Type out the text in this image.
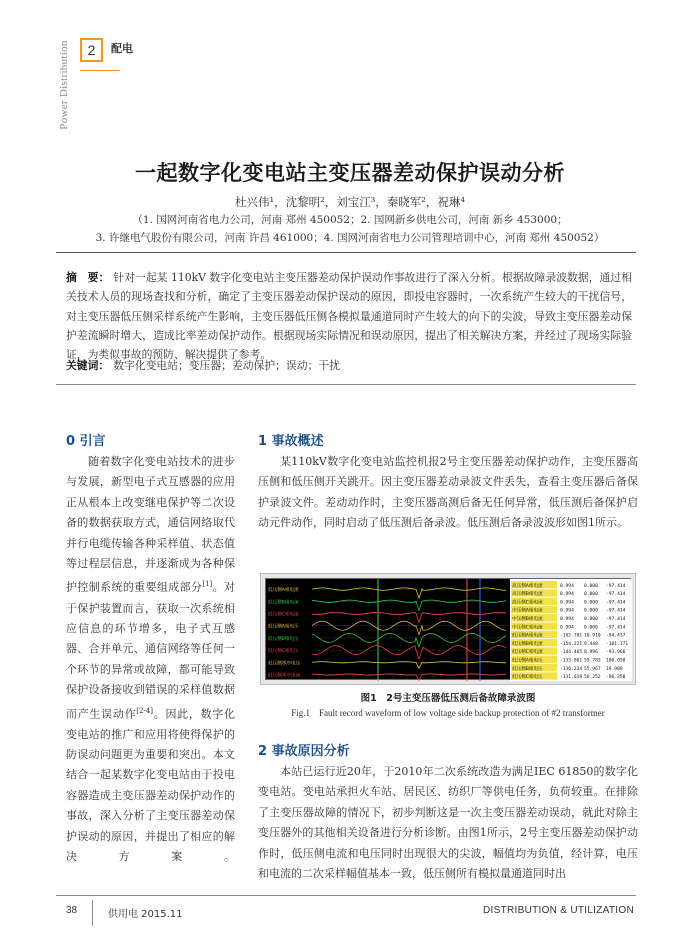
Power Distribution	2	配电
一起数字化变电站主变压器差动保护误动分析
杜兴伟¹，沈黎明²，刘宝江³，秦晓军²，祝琳⁴
（1. 国网河南省电力公司，河南 郑州 450052；2. 国网新乡供电公司，河南 新乡 453000；
3. 许继电气股份有限公司，河南 许昌 461000；4. 国网河南省电力公司管理培训中心，河南 郑州 450052）
摘　要： 针对一起某 110kV 数字化变电站主变压器差动保护误动作事故进行了深入分析。根据故障录波数据，通过相关技术人员的现场查找和分析，确定了主变压器差动保护误动的原因，即投电容器时，一次系统产生较大的干扰信号，对主变压器低压侧采样系统产生影响，主变压器低压侧各模拟量通道同时产生较大的向下的尖波，导致主变压器差动保护差流瞬时增大，造成比率差动保护动作。根据现场实际情况和误动原因，提出了相关解决方案，并经过了现场实际验证，为类似事故的预防、解决提供了参考。
关键词： 数字化变电站；变压器；差动保护；误动；干扰
0 引言

随着数字化变电站技术的进步与发展，新型电子式互感器的应用正从根本上改变继电保护等二次设备的数据获取方式，通信网络取代并行电缆传输各种采样值、状态值等过程层信息，并逐渐成为各种保护控制系统的重要组成部分[1]。对于保护装置而言，获取一次系统相应信息的环节增多，电子式互感器、合并单元、通信网络等任何一个环节的异常或故障，都可能导致保护设备接收到错误的采样值数据而产生误动作[2-4]。因此，数字化变电站的推广和应用将使得保护的防误动问题更为重要和突出。本文结合一起某数字化变电站由于投电容器造成主变压器差动保护动作的事故，深入分析了主变压器差动保护误动的原因，并提出了相应的解决方案。

1 事故概述

某110kV数字化变电站监控机报2号主变压器差动保护动作，主变压器高压侧和低压侧开关跳开。因主变压器差动录波文件丢失，查看主变压器后备保护录波文件。差动动作时，主变压器高测后备无任何异常，低压测后备保护启动元件动作，同时启动了低压测后备录波。低压测后备录波波形如图1所示。

低压侧A相电流
低压侧B相电流
低压侧C相电流
低压侧A相电压
低压侧B相电压
低压侧C相电压
低压侧零序电压
低压侧零序电流
高压侧A相电流	0.994 0.000 -97.414
高压侧B相电流	0.994 0.000 -97.414
高压侧C相电流	0.994 0.000 -97.414
中压侧A相电流	0.994 0.000 -97.414
中压侧B相电流	0.994 0.000 -97.414
中压侧C相电流	0.994 0.000 -97.414
低压侧A相电流	-162.701 10.910 -94.437
低压侧B相电流	-154.221 9.448 -101.171
低压侧C相电流	-144.465 8.996 -93.966
低压侧A相电压	-133.861 55.783 100.058
低压侧B相电压	-136.234 55.967 19.989
低压侧C相电压	-131.619 56.252 -96.358
图1　2号主变压器低压测后备故障录波图
Fig.1　Fault record waveform of low voltage side backup protection of #2 transformer
2 事故原因分析

本站已运行近20年，于2010年二次系统改造为满足IEC 61850的数字化变电站。变电站承担火车站、居民区、纺织厂等供电任务，负荷较重。在排除了主变压器故障的情况下，初步判断这是一次主变压器差动误动，就此对除主变压器外的其他相关设备进行分析诊断。由图1所示，2号主变压器差动保护动作时，低压侧电流和电压同时出现很大的尖波，幅值均为负值，经计算，电压和电流的二次采样幅值基本一致，低压侧所有模拟量通道同时出

38	供用电 2015.11	DISTRIBUTION & UTILIZATION
